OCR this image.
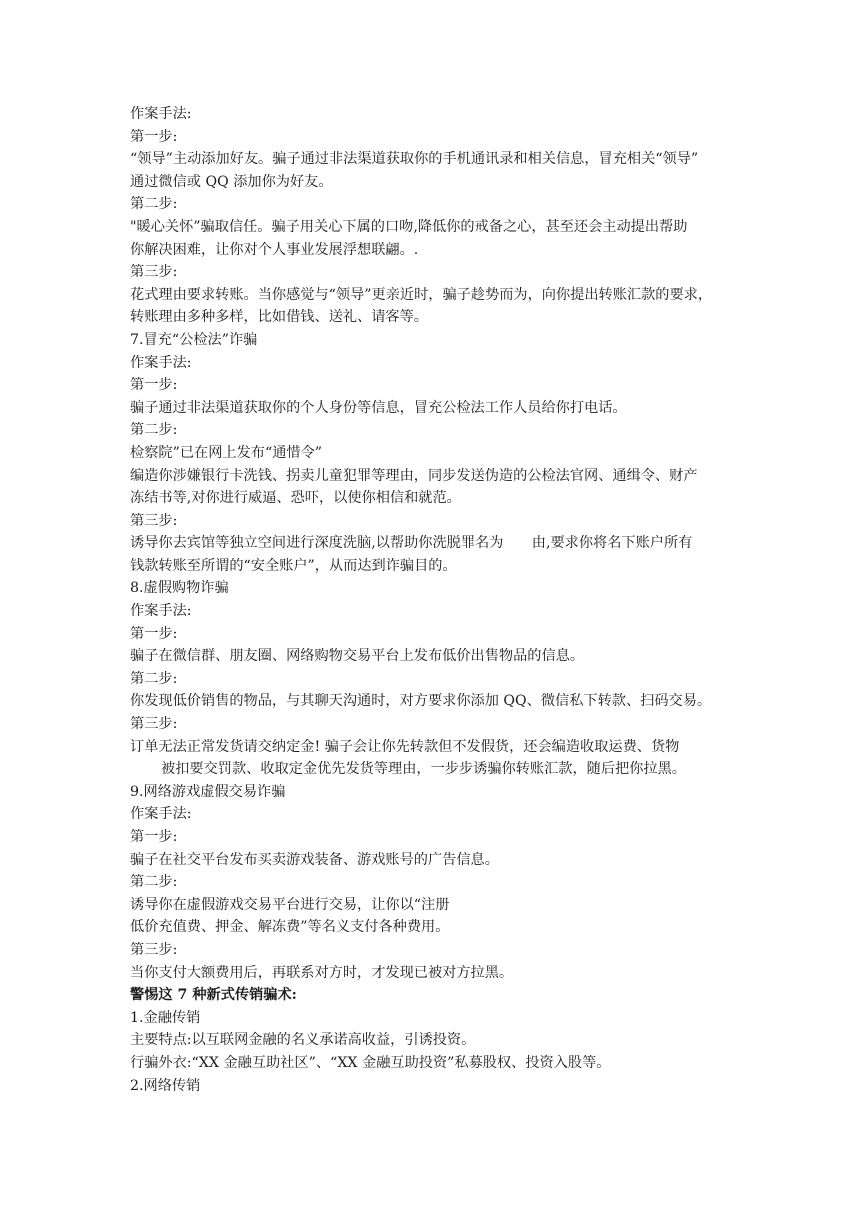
作案手法:
第一步:
“领导”主动添加好友。骗子通过非法渠道获取你的手机通讯录和相关信息，冒充相关“领导”
通过微信或 QQ 添加你为好友。
第二步:
"暖心关怀”骗取信任。骗子用关心下属的口吻,降低你的戒备之心，甚至还会主动提出帮助
你解决困难，让你对个人事业发展浮想联翩。.
第三步:
花式理由要求转账。当你感觉与“领导”更亲近时，骗子趁势而为，向你提出转账汇款的要求，
转账理由多种多样，比如借钱、送礼、请客等。
7.冒充“公检法”诈骗
作案手法:
第一步:
骗子通过非法渠道获取你的个人身份等信息，冒充公检法工作人员给你打电话。
第二步:
检察院”已在网上发布“通惜令”
编造你涉嫌银行卡洗钱、拐卖儿童犯罪等理由，同步发送伪造的公检法官网、通缉令、财产
冻结书等,对你进行威逼、恐吓，以使你相信和就范。
第三步:
诱导你去宾馆等独立空间进行深度洗脑,以帮助你洗脱罪名为　　由,要求你将名下账户所有
钱款转账至所谓的“安全账户”，从而达到诈骗目的。
8.虚假购物诈骗
作案手法:
第一步:
骗子在微信群、朋友圈、网络购物交易平台上发布低价出售物品的信息。
第二步:
你发现低价销售的物品，与其聊天沟通时，对方要求你添加 QQ、微信私下转款、扫码交易。
第三步:
订单无法正常发货请交纳定金! 骗子会让你先转款但不发假货，还会编造收取运费、货物
被扣要交罚款、收取定金优先发货等理由，一步步诱骗你转账汇款，随后把你拉黑。
9.网络游戏虚假交易诈骗
作案手法:
第一步:
骗子在社交平台发布买卖游戏装备、游戏账号的广告信息。
第二步:
诱导你在虚假游戏交易平台进行交易，让你以“注册
低价充值费、押金、解冻费”等名义支付各种费用。
第三步:
当你支付大额费用后，再联系对方时，才发现已被对方拉黑。
警惕这 7 种新式传销骗术:
1.金融传销
主要特点:以互联网金融的名义承诺高收益，引诱投资。
行骗外衣:“XX 金融互助社区”、“XX 金融互助投资”私募股权、投资入股等。
2.网络传销
